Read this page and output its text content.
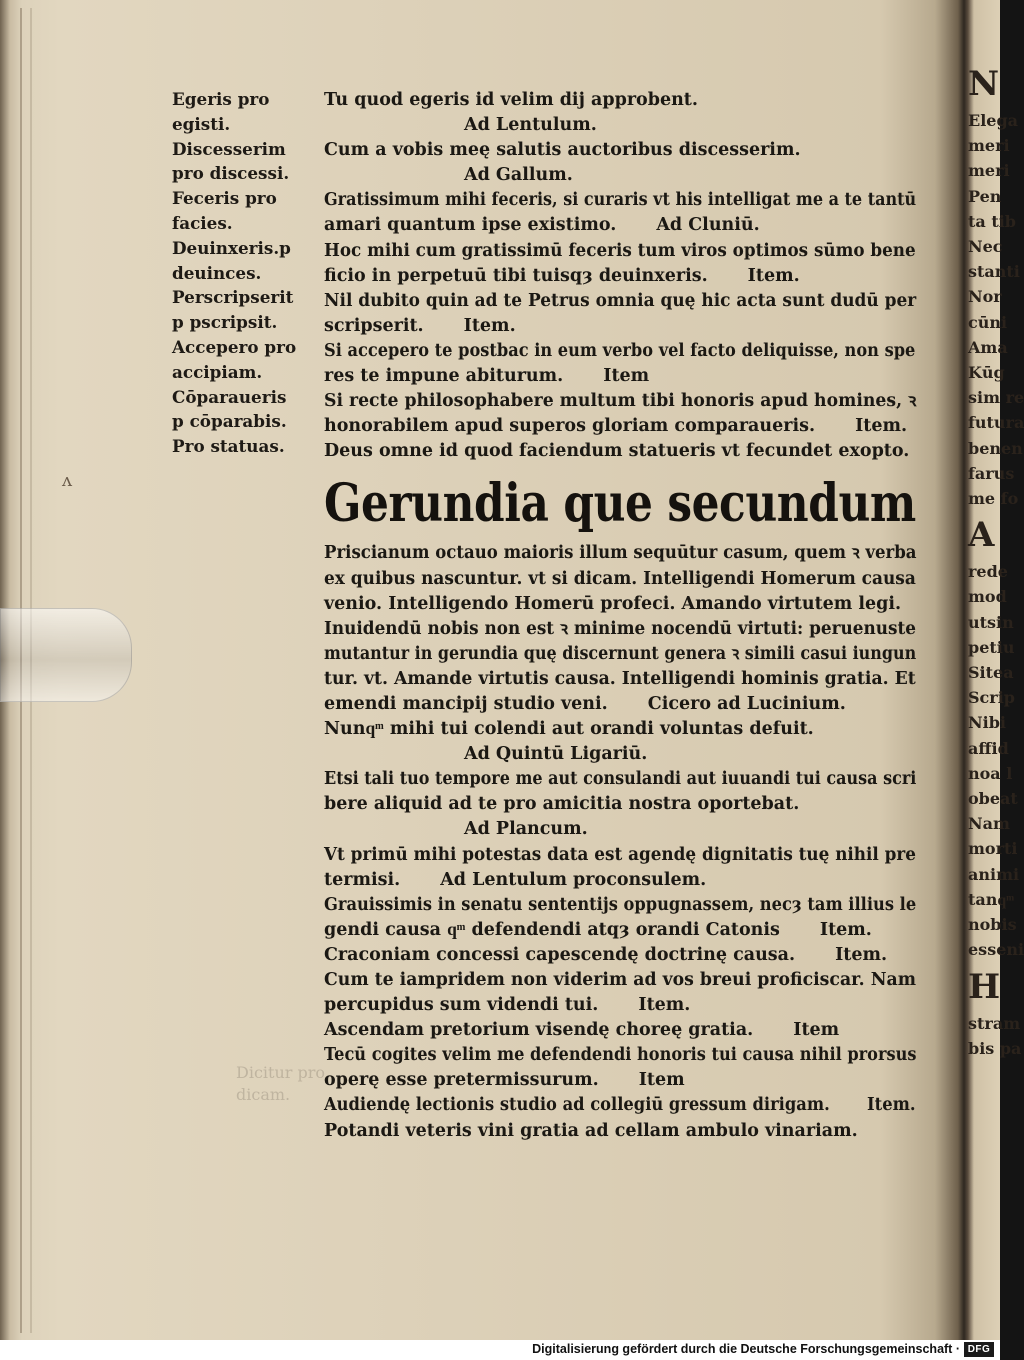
ᴧ
Dicitur pro
dicam.
Egeris pro
egisti.
Discesserim
pro discessi.
Feceris pro
facies.
Deuinxeris.p
deuinces.
Perscripserit
p pscripsit.
Accepero pro
accipiam.
Cōparaueris
p cōparabis.
Pro statuas.
Tu quod egeris id velim dij approbent.
Ad Lentulum.
Cum a vobis meę salutis auctoribus discesserim.
Ad Gallum.
Gratissimum mihi feceris, si curaris vt his intelligat me a te tantū
amari quantum ipse existimo. Ad Cluniū.
Hoc mihi cum gratissimū feceris tum viros optimos sūmo bene
ficio in perpetuū tibi tuisqȝ deuinxeris. Item.
Nil dubito quin ad te Petrus omnia quę hic acta sunt dudū per
scripserit. Item.
Si accepero te postbac in eum verbo vel facto deliquisse, non spe
res te impune abiturum. Item
Si recte philosophabere multum tibi honoris apud homines, ꝛ
honorabilem apud superos gloriam comparaueris. Item.
Deus omne id quod faciendum statueris vt fecundet exopto.
Gerundia que secundum
Priscianum octauo maioris illum sequūtur casum, quem ꝛ verba
ex quibus nascuntur. vt si dicam. Intelligendi Homerum causa
venio. Intelligendo Homerū profeci. Amando virtutem legi.
Inuidendū nobis non est ꝛ minime nocendū virtuti: peruenuste
mutantur in gerundia quę discernunt genera ꝛ simili casui iungun
tur. vt. Amande virtutis causa. Intelligendi hominis gratia. Et
emendi mancipij studio veni. Cicero ad Lucinium.
Nunqͫ mihi tui colendi aut orandi voluntas defuit.
Ad Quintū Ligariū.
Etsi tali tuo tempore me aut consulandi aut iuuandi tui causa scri
bere aliquid ad te pro amicitia nostra oportebat.
Ad Plancum.
Vt primū mihi potestas data est agendę dignitatis tuę nihil pre
termisi. Ad Lentulum proconsulem.
Grauissimis in senatu sententijs oppugnassem, necȝ tam illius le
gendi causa qͫ defendendi atqȝ orandi Catonis Item.
Craconiam concessi capescendę doctrinę causa. Item.
Cum te iampridem non viderim ad vos breui proficiscar. Nam
percupidus sum videndi tui. Item.
Ascendam pretorium visendę choreę gratia. Item
Tecū cogites velim me defendendi honoris tui causa nihil prorsus
operę esse pretermissurum. Item
Audiendę lectionis studio ad collegiū gressum dirigam. Item.
Potandi veteris vini gratia ad cellam ambulo vinariam.
N
Elega
meri
meri
Pen
ta tib
Nec
stanti
Nor
cūni
Ama
Kūg
sim re
futura
benen
farus
me fo
A
rede
mod
utsin
petiu
Sitea
Scrip
Nibi
affid
noa l
obeat
Nam
morti
animi
tanqͫ
nobis
esseni
H
stram
bis pa
Digitalisierung gefördert durch die Deutsche Forschungsgemeinschaft · DFG
